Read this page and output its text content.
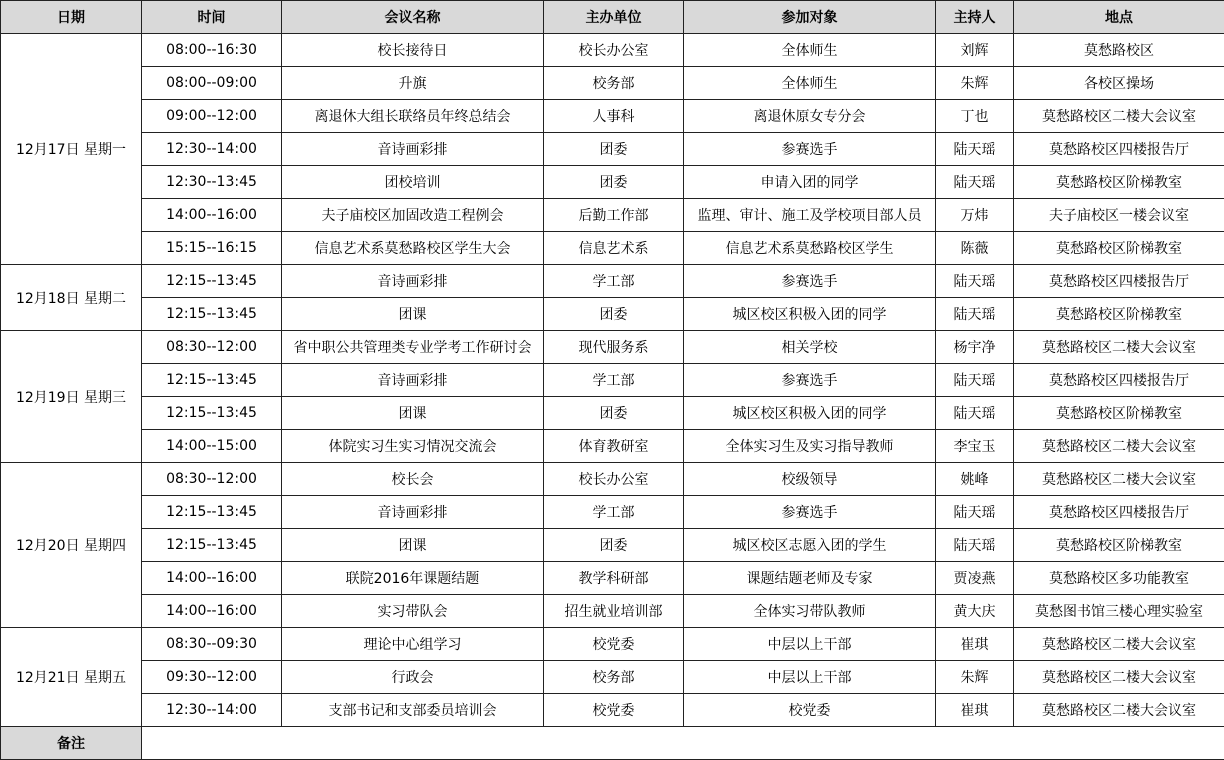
日期	时间	会议名称	主办单位	参加对象	主持人	地点
12月17日 星期一	08:00--16:30	校长接待日	校长办公室	全体师生	刘辉	莫愁路校区
	08:00--09:00	升旗	校务部	全体师生	朱辉	各校区操场
	09:00--12:00	离退休大组长联络员年终总结会	人事科	离退休原女专分会	丁也	莫愁路校区二楼大会议室
	12:30--14:00	音诗画彩排	团委	参赛选手	陆天瑶	莫愁路校区四楼报告厅
	12:30--13:45	团校培训	团委	申请入团的同学	陆天瑶	莫愁路校区阶梯教室
	14:00--16:00	夫子庙校区加固改造工程例会	后勤工作部	监理、审计、施工及学校项目部人员	万炜	夫子庙校区一楼会议室
	15:15--16:15	信息艺术系莫愁路校区学生大会	信息艺术系	信息艺术系莫愁路校区学生	陈薇	莫愁路校区阶梯教室
12月18日 星期二	12:15--13:45	音诗画彩排	学工部	参赛选手	陆天瑶	莫愁路校区四楼报告厅
	12:15--13:45	团课	团委	城区校区积极入团的同学	陆天瑶	莫愁路校区阶梯教室
12月19日 星期三	08:30--12:00	省中职公共管理类专业学考工作研讨会	现代服务系	相关学校	杨宇净	莫愁路校区二楼大会议室
	12:15--13:45	音诗画彩排	学工部	参赛选手	陆天瑶	莫愁路校区四楼报告厅
	12:15--13:45	团课	团委	城区校区积极入团的同学	陆天瑶	莫愁路校区阶梯教室
	14:00--15:00	体院实习生实习情况交流会	体育教研室	全体实习生及实习指导教师	李宝玉	莫愁路校区二楼大会议室
12月20日 星期四	08:30--12:00	校长会	校长办公室	校级领导	姚峰	莫愁路校区二楼大会议室
	12:15--13:45	音诗画彩排	学工部	参赛选手	陆天瑶	莫愁路校区四楼报告厅
	12:15--13:45	团课	团委	城区校区志愿入团的学生	陆天瑶	莫愁路校区阶梯教室
	14:00--16:00	联院2016年课题结题	教学科研部	课题结题老师及专家	贾凌燕	莫愁路校区多功能教室
	14:00--16:00	实习带队会	招生就业培训部	全体实习带队教师	黄大庆	莫愁图书馆三楼心理实验室
12月21日 星期五	08:30--09:30	理论中心组学习	校党委	中层以上干部	崔琪	莫愁路校区二楼大会议室
	09:30--12:00	行政会	校务部	中层以上干部	朱辉	莫愁路校区二楼大会议室
	12:30--14:00	支部书记和支部委员培训会	校党委	校党委	崔琪	莫愁路校区二楼大会议室
备注						
